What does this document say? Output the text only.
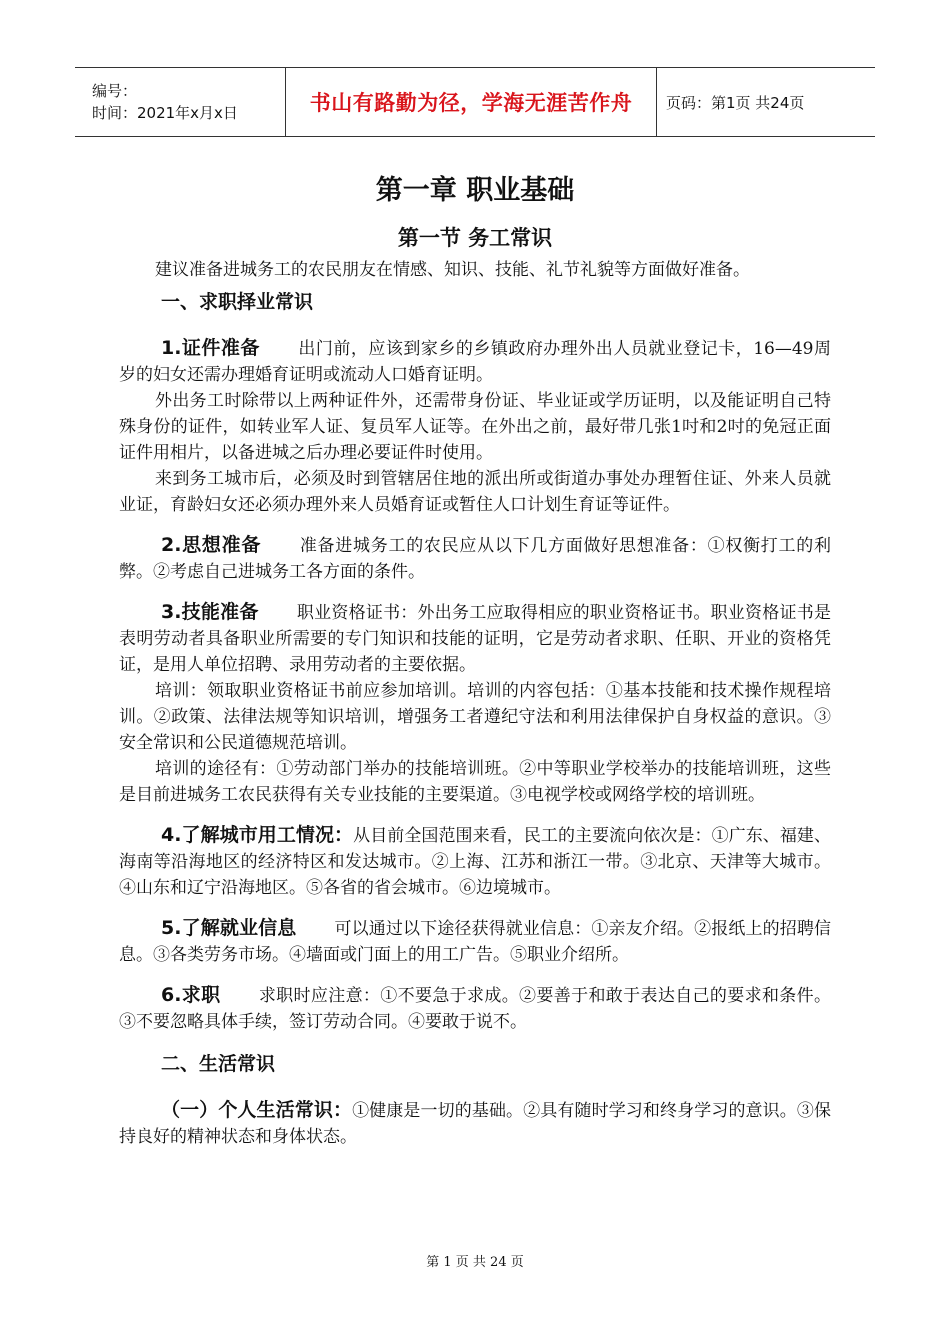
编号：
时间：2021年x月x日	书山有路勤为径，学海无涯苦作舟 页码：第1页 共24页
第一章 职业基础
第一节 务工常识

建议准备进城务工的农民朋友在情感、知识、技能、礼节礼貌等方面做好准备。

一、求职择业常识

1.证件准备 出门前，应该到家乡的乡镇政府办理外出人员就业登记卡，16—49周岁的妇女还需办理婚育证明或流动人口婚育证明。

外出务工时除带以上两种证件外，还需带身份证、毕业证或学历证明，以及能证明自己特殊身份的证件，如转业军人证、复员军人证等。在外出之前，最好带几张1吋和2吋的免冠正面证件用相片，以备进城之后办理必要证件时使用。

来到务工城市后，必须及时到管辖居住地的派出所或街道办事处办理暂住证、外来人员就业证，育龄妇女还必须办理外来人员婚育证或暂住人口计划生育证等证件。

2.思想准备 准备进城务工的农民应从以下几方面做好思想准备：①权衡打工的利弊。②考虑自己进城务工各方面的条件。

3.技能准备 职业资格证书：外出务工应取得相应的职业资格证书。职业资格证书是表明劳动者具备职业所需要的专门知识和技能的证明，它是劳动者求职、任职、开业的资格凭证，是用人单位招聘、录用劳动者的主要依据。

培训：领取职业资格证书前应参加培训。培训的内容包括：①基本技能和技术操作规程培训。②政策、法律法规等知识培训，增强务工者遵纪守法和利用法律保护自身权益的意识。③安全常识和公民道德规范培训。

培训的途径有：①劳动部门举办的技能培训班。②中等职业学校举办的技能培训班，这些是目前进城务工农民获得有关专业技能的主要渠道。③电视学校或网络学校的培训班。

4.了解城市用工情况：从目前全国范围来看，民工的主要流向依次是：①广东、福建、海南等沿海地区的经济特区和发达城市。②上海、江苏和浙江一带。③北京、天津等大城市。④山东和辽宁沿海地区。⑤各省的省会城市。⑥边境城市。

5.了解就业信息 可以通过以下途径获得就业信息：①亲友介绍。②报纸上的招聘信息。③各类劳务市场。④墙面或门面上的用工广告。⑤职业介绍所。

6.求职 求职时应注意：①不要急于求成。②要善于和敢于表达自己的要求和条件。③不要忽略具体手续，签订劳动合同。④要敢于说不。

二、生活常识

（一）个人生活常识：①健康是一切的基础。②具有随时学习和终身学习的意识。③保持良好的精神状态和身体状态。

第 1 页 共 24 页
